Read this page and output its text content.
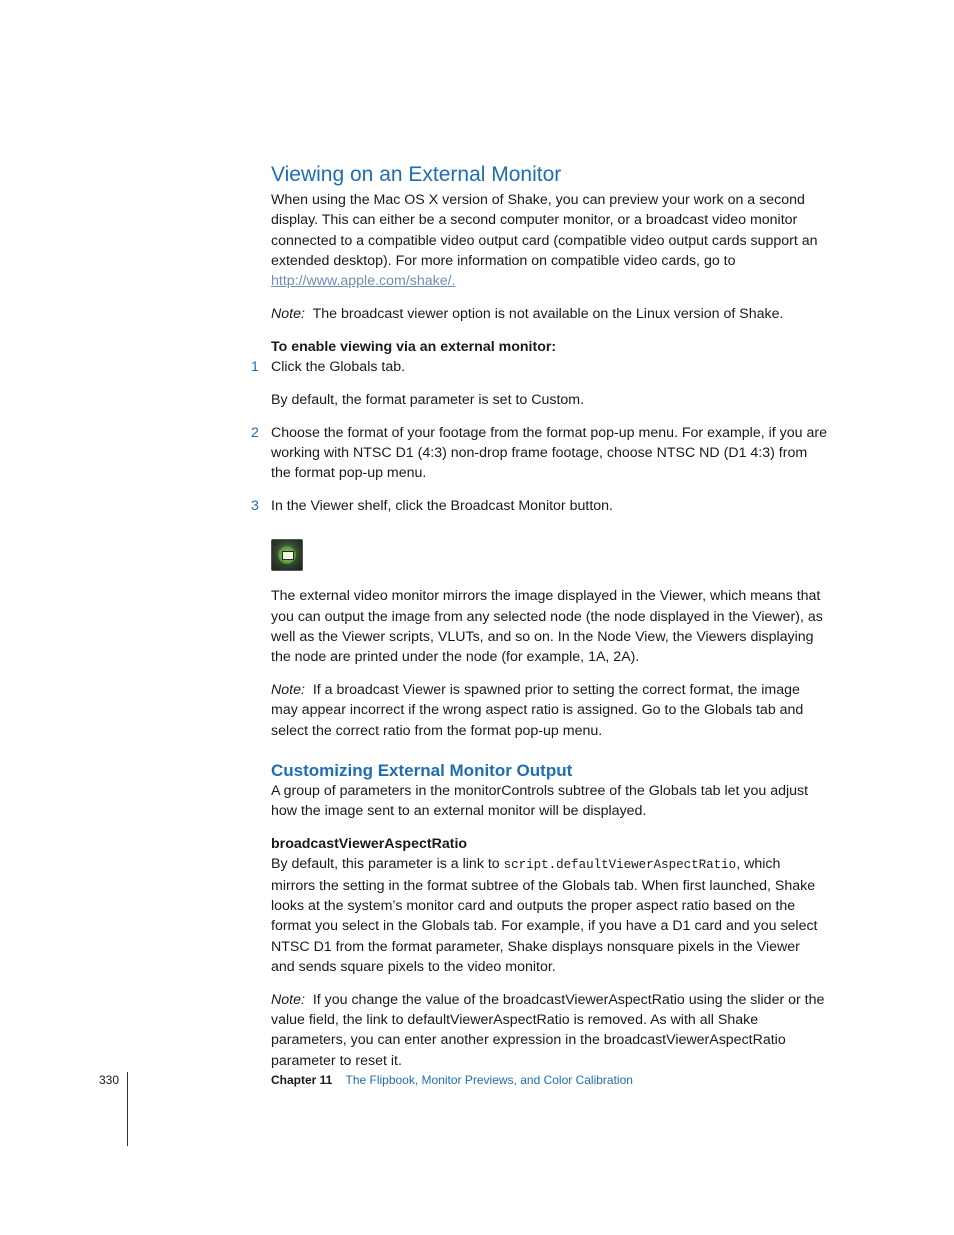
Viewing on an External Monitor

When using the Mac OS X version of Shake, you can preview your work on a second display. This can either be a second computer monitor, or a broadcast video monitor connected to a compatible video output card (compatible video output cards support an extended desktop). For more information on compatible video cards, go to http://www.apple.com/shake/.

Note: The broadcast viewer option is not available on the Linux version of Shake.

To enable viewing via an external monitor:

1 Click the Globals tab.

By default, the format parameter is set to Custom.

2 Choose the format of your footage from the format pop-up menu. For example, if you are working with NTSC D1 (4:3) non-drop frame footage, choose NTSC ND (D1 4:3) from the format pop-up menu.

3 In the Viewer shelf, click the Broadcast Monitor button.

The external video monitor mirrors the image displayed in the Viewer, which means that you can output the image from any selected node (the node displayed in the Viewer), as well as the Viewer scripts, VLUTs, and so on. In the Node View, the Viewers displaying the node are printed under the node (for example, 1A, 2A).

Note: If a broadcast Viewer is spawned prior to setting the correct format, the image may appear incorrect if the wrong aspect ratio is assigned. Go to the Globals tab and select the correct ratio from the format pop-up menu.

Customizing External Monitor Output

A group of parameters in the monitorControls subtree of the Globals tab let you adjust how the image sent to an external monitor will be displayed.

broadcastViewerAspectRatio

By default, this parameter is a link to script.defaultViewerAspectRatio, which mirrors the setting in the format subtree of the Globals tab. When first launched, Shake looks at the system’s monitor card and outputs the proper aspect ratio based on the format you select in the Globals tab. For example, if you have a D1 card and you select NTSC D1 from the format parameter, Shake displays nonsquare pixels in the Viewer and sends square pixels to the video monitor.

Note: If you change the value of the broadcastViewerAspectRatio using the slider or the value field, the link to defaultViewerAspectRatio is removed. As with all Shake parameters, you can enter another expression in the broadcastViewerAspectRatio parameter to reset it.

330	Chapter 11 The Flipbook, Monitor Previews, and Color Calibration
